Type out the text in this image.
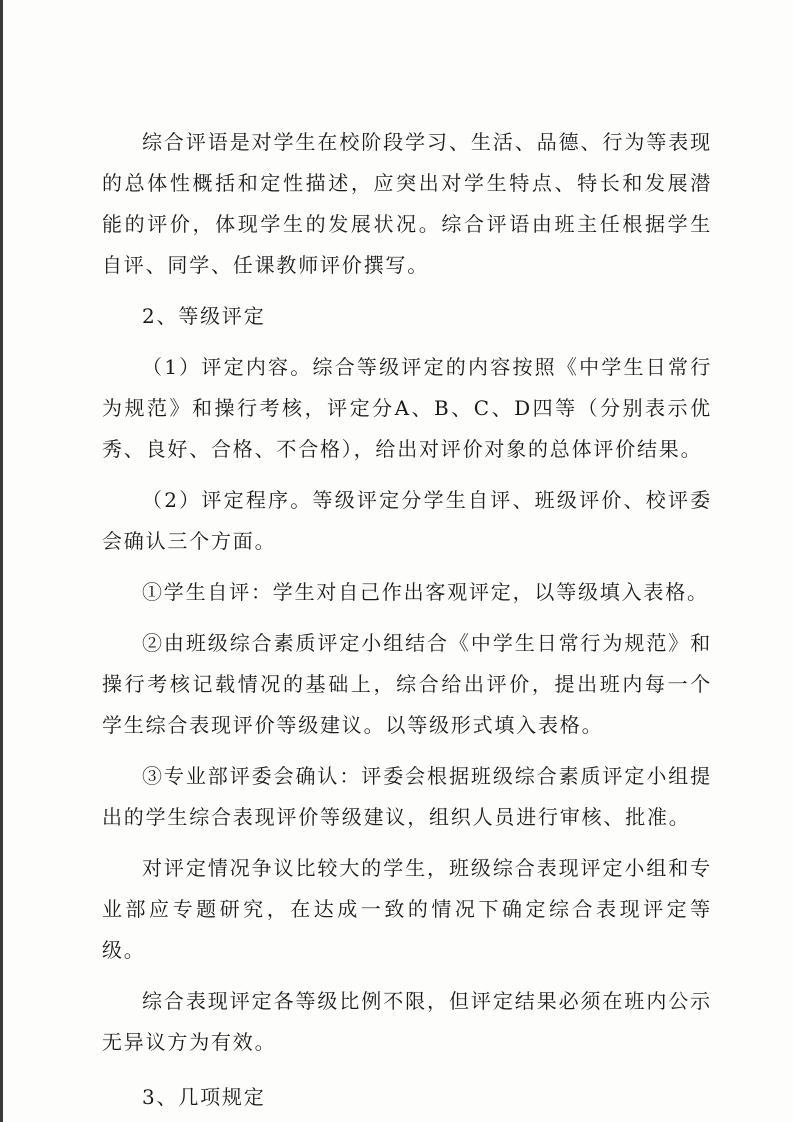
综合评语是对学生在校阶段学习、生活、品德、行为等表现的总体性概括和定性描述，应突出对学生特点、特长和发展潜能的评价，体现学生的发展状况。综合评语由班主任根据学生自评、同学、任课教师评价撰写。

2、等级评定

（1）评定内容。综合等级评定的内容按照《中学生日常行为规范》和操行考核，评定分A、B、C、D四等（分别表示优秀、良好、合格、不合格），给出对评价对象的总体评价结果。

（2）评定程序。等级评定分学生自评、班级评价、校评委会确认三个方面。

①学生自评：学生对自己作出客观评定，以等级填入表格。

②由班级综合素质评定小组结合《中学生日常行为规范》和操行考核记载情况的基础上，综合给出评价，提出班内每一个学生综合表现评价等级建议。以等级形式填入表格。

③专业部评委会确认：评委会根据班级综合素质评定小组提出的学生综合表现评价等级建议，组织人员进行审核、批准。

对评定情况争议比较大的学生，班级综合表现评定小组和专业部应专题研究，在达成一致的情况下确定综合表现评定等级。

综合表现评定各等级比例不限，但评定结果必须在班内公示无异议方为有效。

3、几项规定
